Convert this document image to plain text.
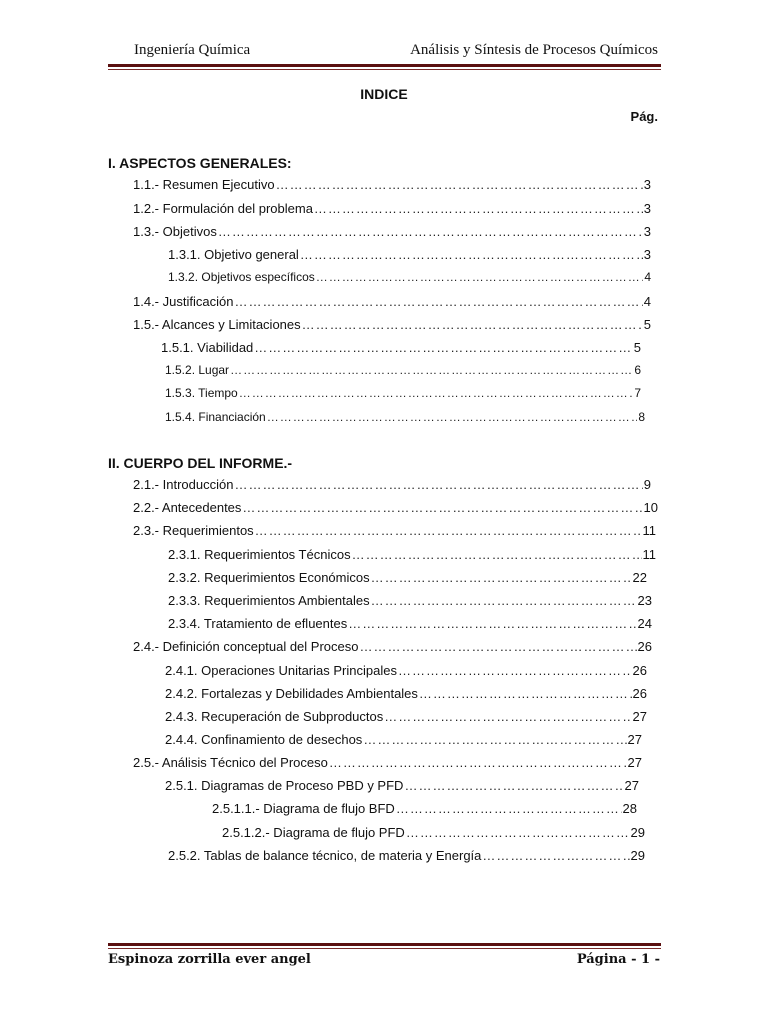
Ingeniería Química	Análisis y Síntesis de Procesos Químicos
INDICE
Pág.
I. ASPECTOS GENERALES:
1.1.- Resumen Ejecutivo ………………………………………………………………………………………………………………………………………………………………………	3
1.2.- Formulación del problema ………………………………………………………………………………………………………………………………………………………………………	3
1.3.- Objetivos ………………………………………………………………………………………………………………………………………………………………………	3
1.3.1. Objetivo general ………………………………………………………………………………………………………………………………………………………………………	3
1.3.2. Objetivos específicos ………………………………………………………………………………………………………………………………………………………………………	4
1.4.- Justificación ………………………………………………………………………………………………………………………………………………………………………	4
1.5.- Alcances y Limitaciones ………………………………………………………………………………………………………………………………………………………………………	5
1.5.1. Viabilidad ………………………………………………………………………………………………………………………………………………………………………	5
1.5.2. Lugar ………………………………………………………………………………………………………………………………………………………………………	6
1.5.3. Tiempo ………………………………………………………………………………………………………………………………………………………………………	7
1.5.4. Financiación ………………………………………………………………………………………………………………………………………………………………………	8
II. CUERPO DEL INFORME.-
2.1.- Introducción ………………………………………………………………………………………………………………………………………………………………………	9
2.2.- Antecedentes ………………………………………………………………………………………………………………………………………………………………………	10
2.3.- Requerimientos ………………………………………………………………………………………………………………………………………………………………………	11
2.3.1. Requerimientos Técnicos ………………………………………………………………………………………………………………………………………………………………………	11
2.3.2. Requerimientos Económicos ………………………………………………………………………………………………………………………………………………………………………	22
2.3.3. Requerimientos Ambientales ………………………………………………………………………………………………………………………………………………………………………	23
2.3.4. Tratamiento de efluentes ………………………………………………………………………………………………………………………………………………………………………	24
2.4.- Definición conceptual del Proceso ………………………………………………………………………………………………………………………………………………………………………	26
2.4.1. Operaciones Unitarias Principales ………………………………………………………………………………………………………………………………………………………………………	26
2.4.2. Fortalezas y Debilidades Ambientales ………………………………………………………………………………………………………………………………………………………………………	26
2.4.3. Recuperación de Subproductos ………………………………………………………………………………………………………………………………………………………………………	27
2.4.4. Confinamiento de desechos ………………………………………………………………………………………………………………………………………………………………………	27
2.5.- Análisis Técnico del Proceso ………………………………………………………………………………………………………………………………………………………………………	27
2.5.1. Diagramas de Proceso PBD y PFD ………………………………………………………………………………………………………………………………………………………………………	27
2.5.1.1.- Diagrama de flujo BFD ………………………………………………………………………………………………………………………………………………………………………	28
2.5.1.2.- Diagrama de flujo PFD ………………………………………………………………………………………………………………………………………………………………………	29
2.5.2. Tablas de balance técnico, de materia y Energía ………………………………………………………………………………………………………………………………………………………………………	29
Espinoza zorrilla ever angel	Página - 1 -
